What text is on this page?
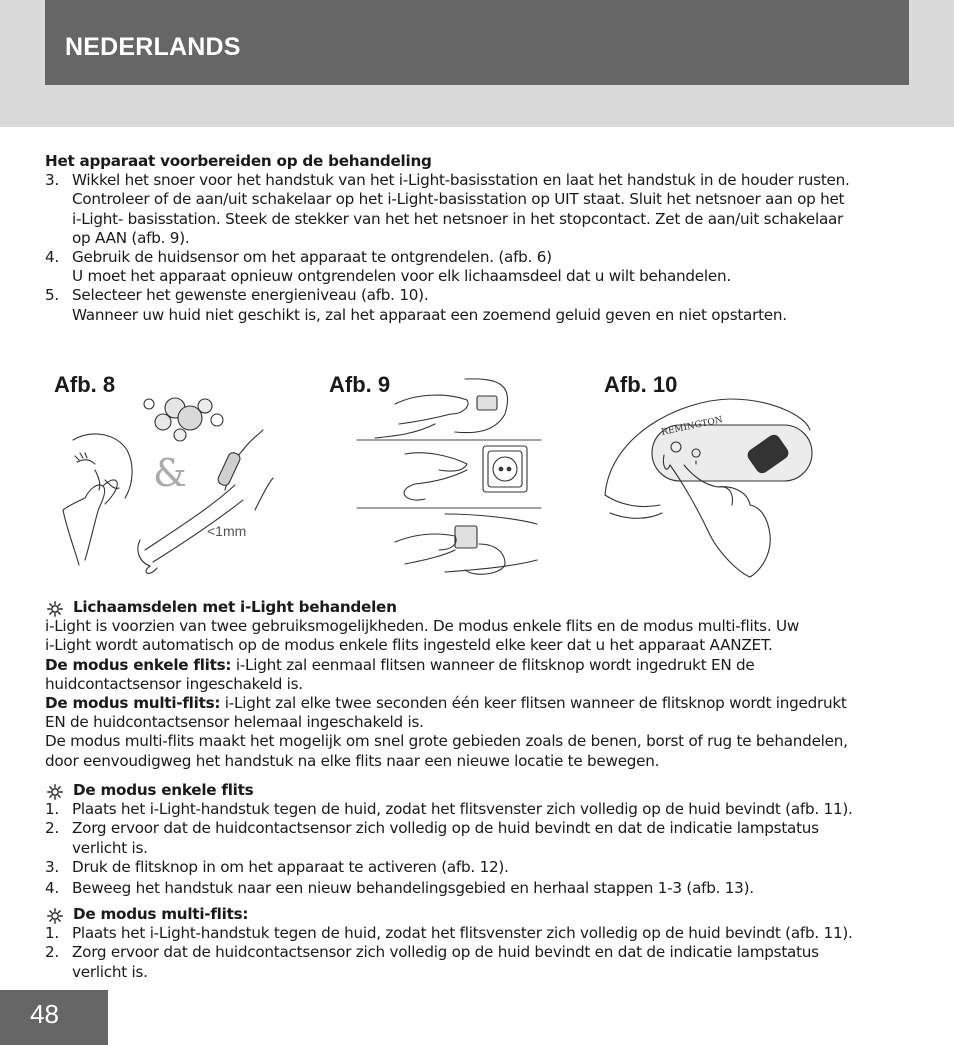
NEDERLANDS
Het apparaat voorbereiden op de behandeling
3. Wikkel het snoer voor het handstuk van het i-Light-basisstation en laat het handstuk in de houder rusten.
Controleer of de aan/uit schakelaar op het i-Light-basisstation op UIT staat. Sluit het netsnoer aan op het
i-Light- basisstation. Steek de stekker van het het netsnoer in het stopcontact. Zet de aan/uit schakelaar
op AAN (afb. 9).
4. Gebruik de huidsensor om het apparaat te ontgrendelen. (afb. 6)
U moet het apparaat opnieuw ontgrendelen voor elk lichaamsdeel dat u wilt behandelen.
5. Selecteer het gewenste energieniveau (afb. 10).
Wanneer uw huid niet geschikt is, zal het apparaat een zoemend geluid geven en niet opstarten.
Afb. 8	Afb. 9	Afb. 10
&
<1mm
REMINGTON
Lichaamsdelen met i-Light behandelen
i-Light is voorzien van twee gebruiksmogelijkheden. De modus enkele flits en de modus multi-flits. Uw
i-Light wordt automatisch op de modus enkele flits ingesteld elke keer dat u het apparaat AANZET.
De modus enkele flits: i-Light zal eenmaal flitsen wanneer de flitsknop wordt ingedrukt EN de
huidcontactsensor ingeschakeld is.
De modus multi-flits: i-Light zal elke twee seconden één keer flitsen wanneer de flitsknop wordt ingedrukt
EN de huidcontactsensor helemaal ingeschakeld is.
De modus multi-flits maakt het mogelijk om snel grote gebieden zoals de benen, borst of rug te behandelen,
door eenvoudigweg het handstuk na elke flits naar een nieuwe locatie te bewegen.
De modus enkele flits
1. Plaats het i-Light-handstuk tegen de huid, zodat het flitsvenster zich volledig op de huid bevindt (afb. 11).
2. Zorg ervoor dat de huidcontactsensor zich volledig op de huid bevindt en dat de indicatie lampstatus
verlicht is.
3. Druk de flitsknop in om het apparaat te activeren (afb. 12).
4. Beweeg het handstuk naar een nieuw behandelingsgebied en herhaal stappen 1-3 (afb. 13).
De modus multi-flits:
1. Plaats het i-Light-handstuk tegen de huid, zodat het flitsvenster zich volledig op de huid bevindt (afb. 11).
2. Zorg ervoor dat de huidcontactsensor zich volledig op de huid bevindt en dat de indicatie lampstatus
verlicht is.
48
